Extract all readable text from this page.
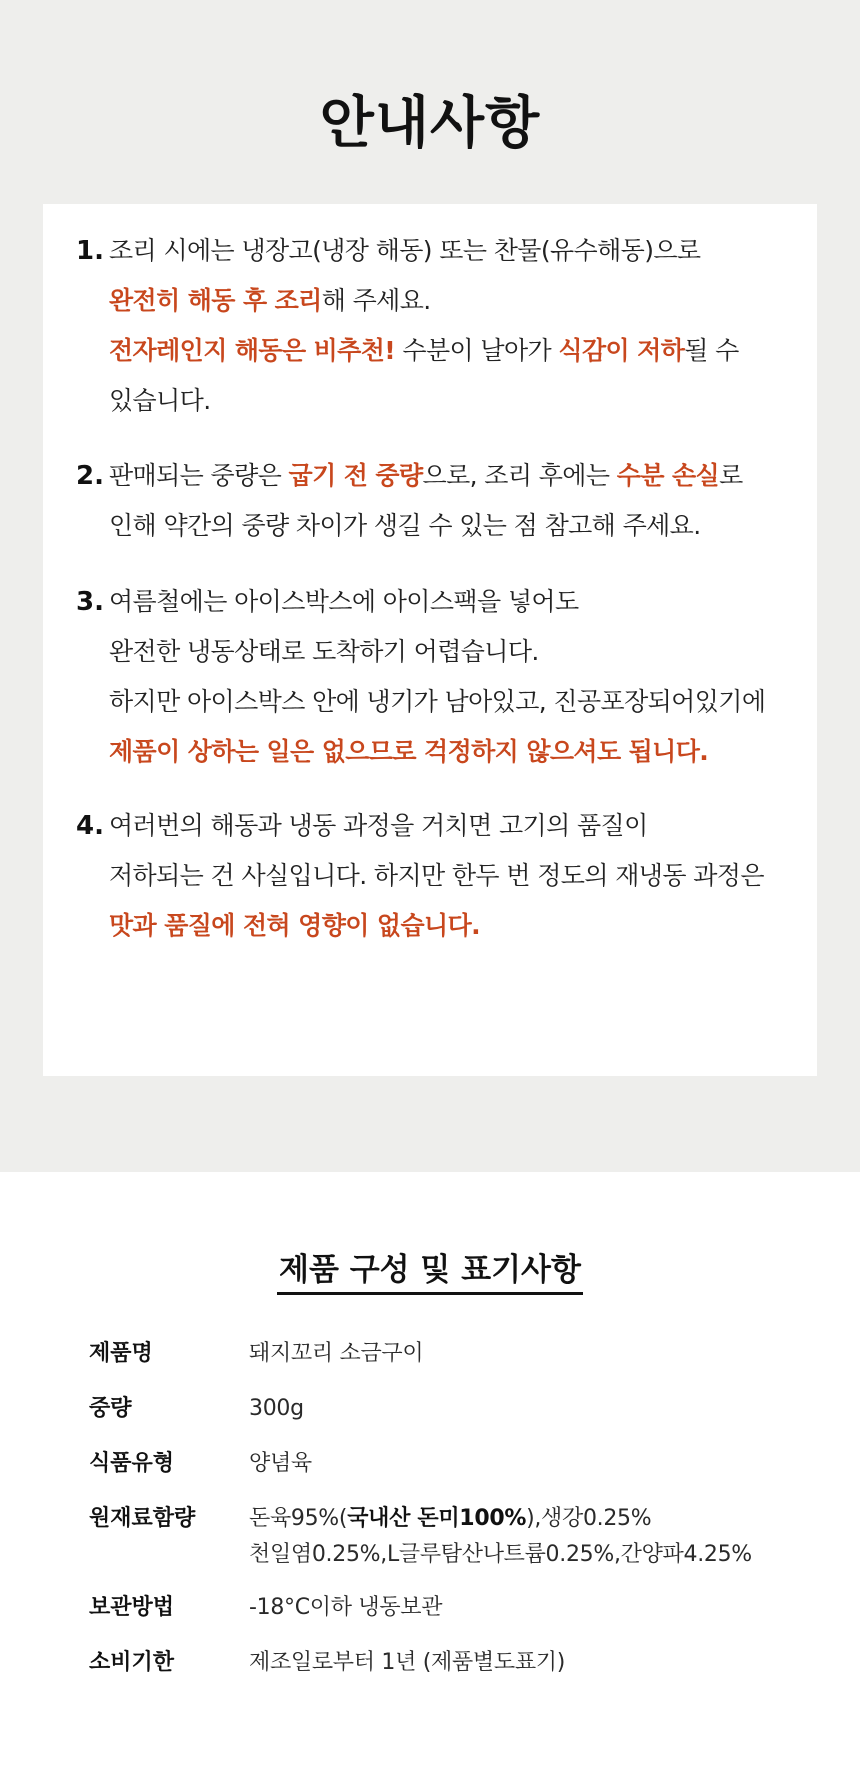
안내사항
1. 조리 시에는 냉장고(냉장 해동) 또는 찬물(유수해동)으로
완전히 해동 후 조리해 주세요.
전자레인지 해동은 비추천! 수분이 날아가 식감이 저하될 수
있습니다.
2. 판매되는 중량은 굽기 전 중량으로, 조리 후에는 수분 손실로
인해 약간의 중량 차이가 생길 수 있는 점 참고해 주세요.
3. 여름철에는 아이스박스에 아이스팩을 넣어도
완전한 냉동상태로 도착하기 어렵습니다.
하지만 아이스박스 안에 냉기가 남아있고, 진공포장되어있기에
제품이 상하는 일은 없으므로 걱정하지 않으셔도 됩니다.
4. 여러번의 해동과 냉동 과정을 거치면 고기의 품질이
저하되는 건 사실입니다. 하지만 한두 번 정도의 재냉동 과정은
맛과 품질에 전혀 영향이 없습니다.
제품 구성 및 표기사항
제품명	돼지꼬리 소금구이
중량	300g
식품유형	양념육
원재료함량 돈육95%(국내산 돈미100%),생강0.25%
천일염0.25%,L글루탐산나트륨0.25%,간양파4.25%
보관방법	-18°C이하 냉동보관
소비기한	제조일로부터 1년 (제품별도표기)
